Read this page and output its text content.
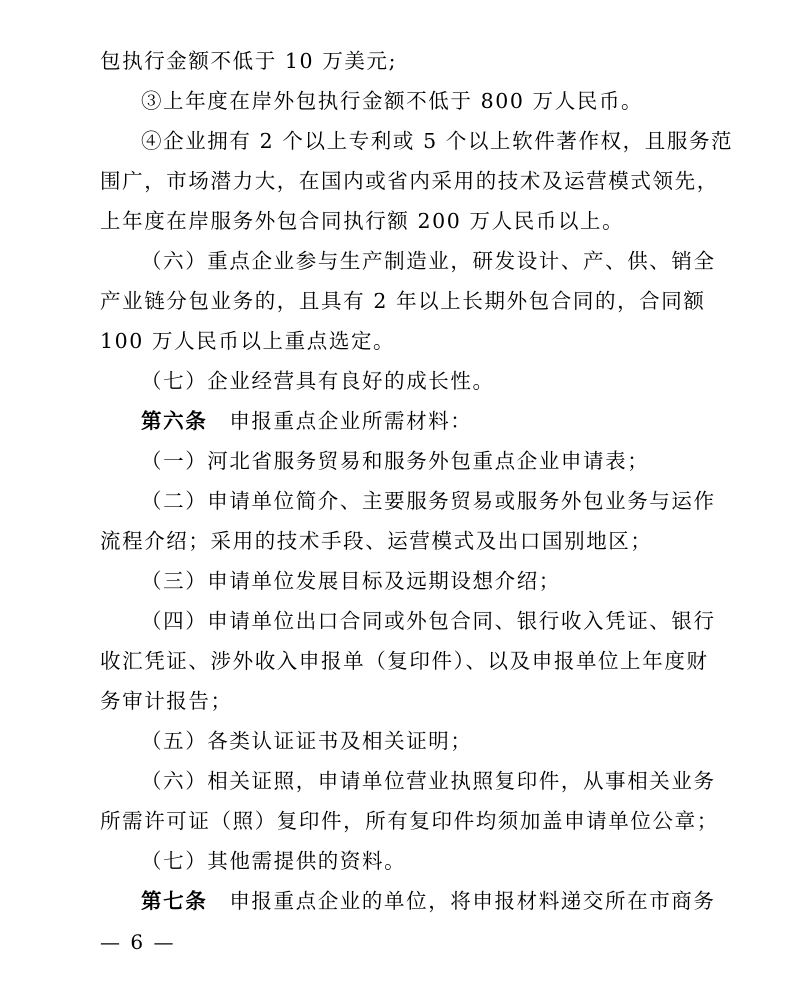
包执行金额不低于 10 万美元;
③上年度在岸外包执行金额不低于 800 万人民币。
④企业拥有 2 个以上专利或 5 个以上软件著作权，且服务范
围广，市场潜力大，在国内或省内采用的技术及运营模式领先，
上年度在岸服务外包合同执行额 200 万人民币以上。
（六）重点企业参与生产制造业，研发设计、产、供、销全
产业链分包业务的，且具有 2 年以上长期外包合同的，合同额
100 万人民币以上重点选定。
（七）企业经营具有良好的成长性。
第六条 申报重点企业所需材料：
（一）河北省服务贸易和服务外包重点企业申请表；
（二）申请单位简介、主要服务贸易或服务外包业务与运作
流程介绍；采用的技术手段、运营模式及出口国别地区；
（三）申请单位发展目标及远期设想介绍；
（四）申请单位出口合同或外包合同、银行收入凭证、银行
收汇凭证、涉外收入申报单（复印件）、以及申报单位上年度财
务审计报告；
（五）各类认证证书及相关证明；
（六）相关证照，申请单位营业执照复印件，从事相关业务
所需许可证（照）复印件，所有复印件均须加盖申请单位公章；
（七）其他需提供的资料。
第七条 申报重点企业的单位，将申报材料递交所在市商务
— 6 —
